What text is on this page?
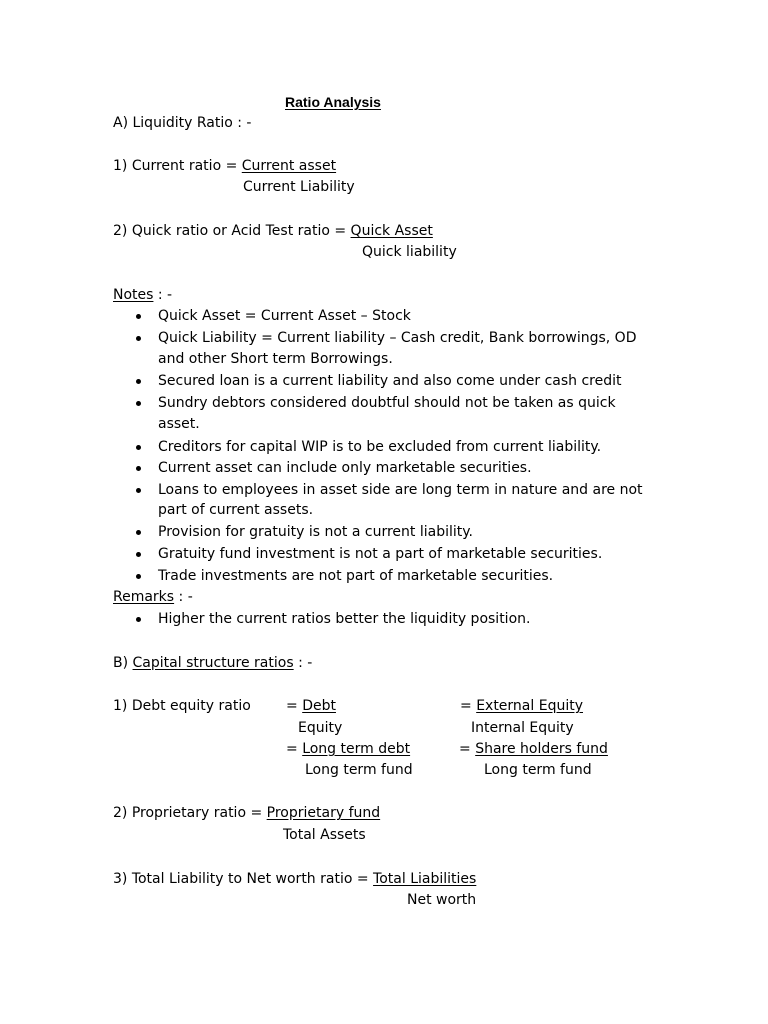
Ratio Analysis
A) Liquidity Ratio : -
1) Current ratio = Current asset
Current Liability
2) Quick ratio or Acid Test ratio = Quick Asset
Quick liability
Notes : -
Quick Asset = Current Asset – Stock
Quick Liability = Current liability – Cash credit, Bank borrowings, OD
and other Short term Borrowings.
Secured loan is a current liability and also come under cash credit
Sundry debtors considered doubtful should not be taken as quick
asset.
Creditors for capital WIP is to be excluded from current liability.
Current asset can include only marketable securities.
Loans to employees in asset side are long term in nature and are not
part of current assets.
Provision for gratuity is not a current liability.
Gratuity fund investment is not a part of marketable securities.
Trade investments are not part of marketable securities.
Remarks : -
Higher the current ratios better the liquidity position.
B) Capital structure ratios : -
1) Debt equity ratio	= Debt
Equity
= External Equity
Internal Equity
= Long term debt
Long term fund
= Share holders fund
Long term fund
2) Proprietary ratio = Proprietary fund
Total Assets
3) Total Liability to Net worth ratio = Total Liabilities
Net worth
